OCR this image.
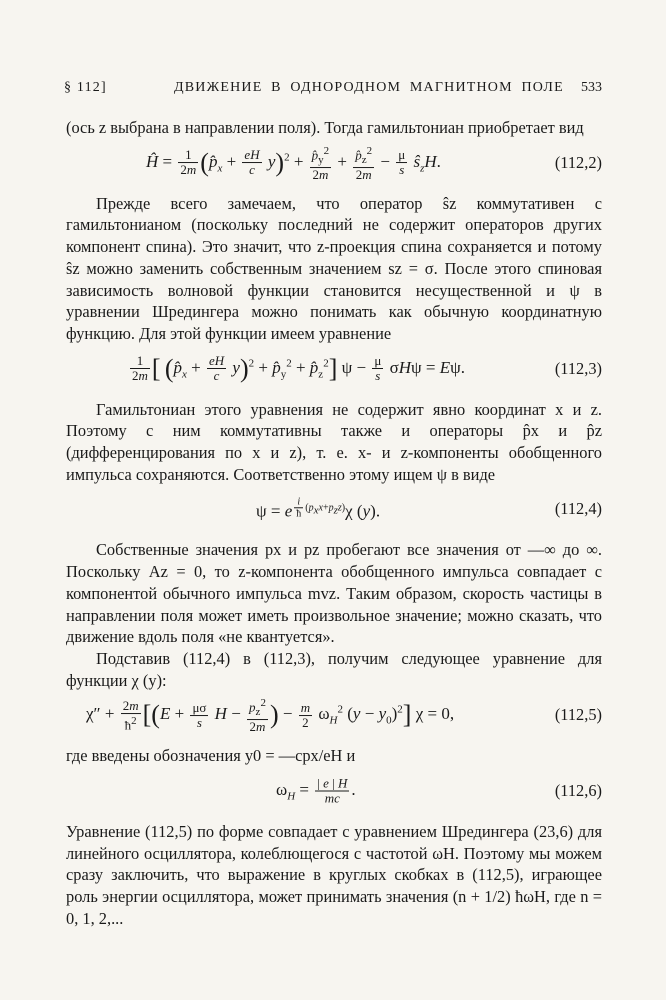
§ 112]	ДВИЖЕНИЕ В ОДНОРОДНОМ МАГНИТНОМ ПОЛЕ 533

(ось z выбрана в направлении поля). Тогда гамильтониан приобретает вид

Ĥ = $\frac{1}{2m}$ $(p̂_x + \frac{eH}{c} y)^2 + \frac{p̂_y^2}{2m} + \frac{p̂_z^2}{2m} - \frac{\mu}{s}$ $ŝ_zH$.	(112,2)

Прежде всего замечаем, что оператор ŝz коммутативен с гамильтонианом (поскольку последний не содержит операторов других компонент спина). Это значит, что z-проекция спина сохраняется и потому ŝz можно заменить собственным значением sz = σ. После этого спиновая зависимость волновой функции становится несущественной и ψ в уравнении Шредингера можно понимать как обычную координатную функцию. Для этой функции имеем уравнение

$\frac{1}{2m}$ [ $(p̂_x + \frac{eH}{c} y)^2$ + $p̂_y^2$ + $p̂_z^2$] $\psi - \frac{\mu}{s}$ σHψ = Eψ.	(112,3)

Гамильтониан этого уравнения не содержит явно координат x и z. Поэтому с ним коммутативны также и операторы p̂x и p̂z (дифференцирования по x и z), т. е. x- и z-компоненты обобщенного импульса сохраняются. Соответственно этому ищем ψ в виде

ψ = e $^{\frac{i}{ħ} (p_xx+p_zz)}$χ (y).	(112,4)

Собственные значения px и pz пробегают все значения от —∞ до ∞. Поскольку Az = 0, то z-компонента обобщенного импульса совпадает с компонентой обычного импульса mvz. Таким образом, скорость частицы в направлении поля может иметь произвольное значение; можно сказать, что движение вдоль поля «не квантуется».

Подставив (112,4) в (112,3), получим следующее уравнение для функции χ (y):

$\chi'' + \frac{2m}{ħ^2} [(E + \frac{\mu\sigma}{s}$ $H - \frac{p_z^2}{2m}$ ) − $\frac{m}{2} \omega_H^2$ $(y - y_0)^2$] χ = 0,	(112,5)

где введены обозначения y0 = —cpx/eH и

$\omega_H = \frac{| e | H}{mc}$ .	(112,6)

Уравнение (112,5) по форме совпадает с уравнением Шредингера (23,6) для линейного осциллятора, колеблющегося с частотой ωH. Поэтому мы можем сразу заключить, что выражение в круглых скобках в (112,5), играющее роль энергии осциллятора, может принимать значения (n + 1/2) ħωH, где n = 0, 1, 2,...
